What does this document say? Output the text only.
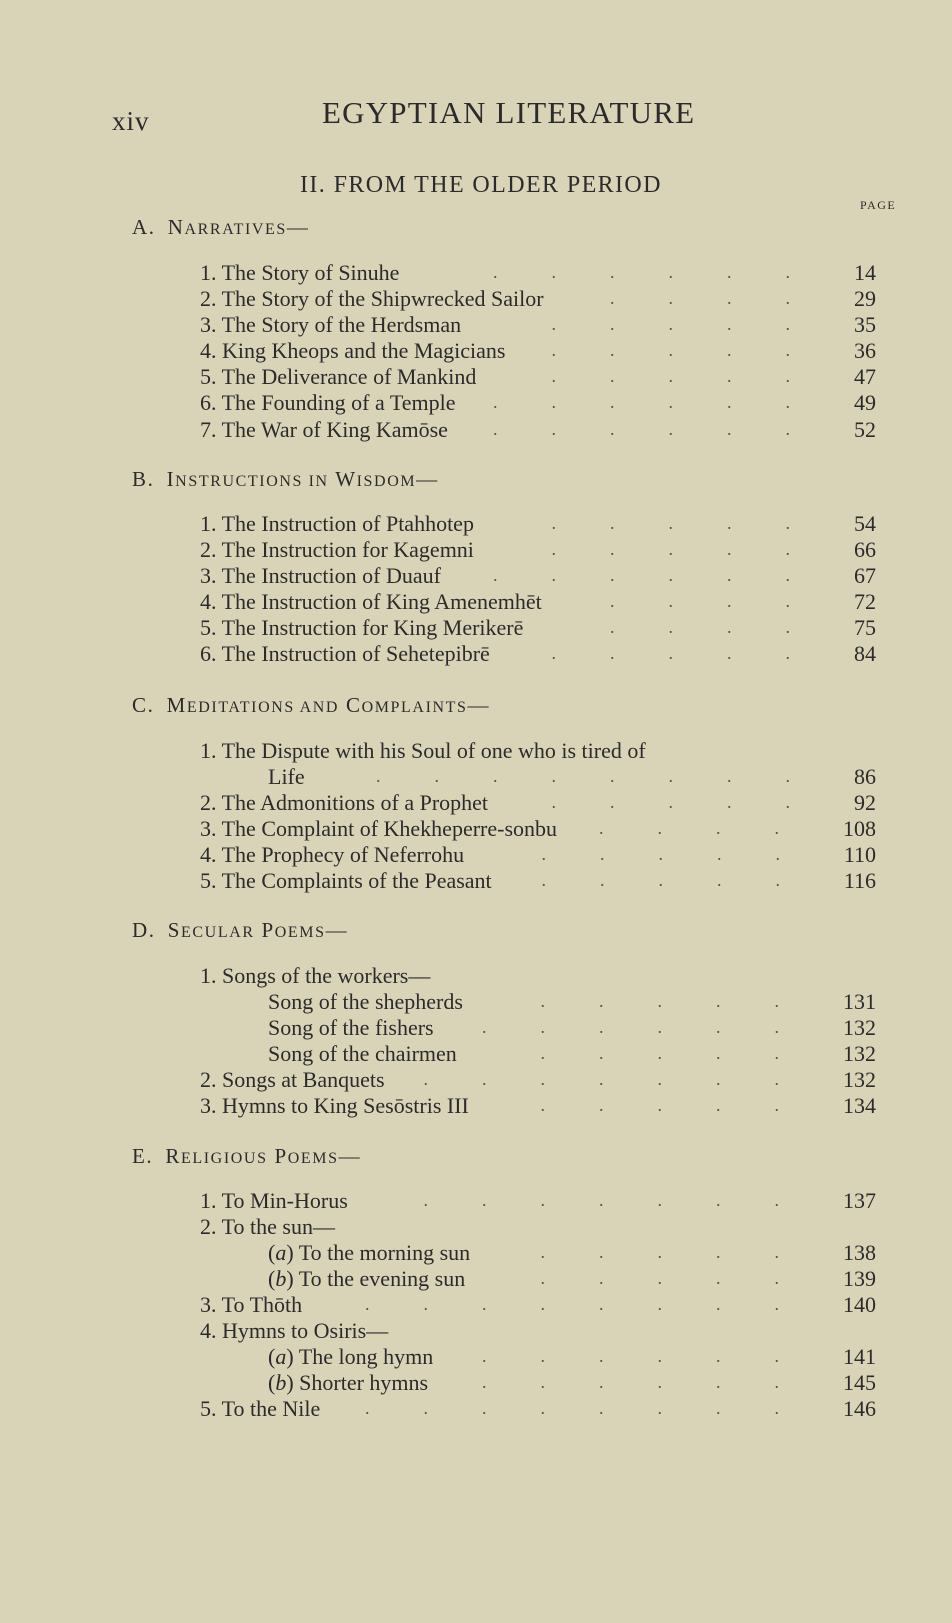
xiv	EGYPTIAN LITERATURE
II. FROM THE OLDER PERIOD
PAGE
A.  NARRATIVES—
1. The Story of Sinuhe	14
.   .   .   .   .   .   
2. The Story of the Shipwrecked Sailor	29
.   .   .   .   
3. The Story of the Herdsman	35
.   .   .   .   .   
4. King Kheops and the Magicians	36
.   .   .   .   .   
5. The Deliverance of Mankind	47
.   .   .   .   .   
6. The Founding of a Temple	49
.   .   .   .   .   .   
7. The War of King Kamōse	52
.   .   .   .   .   .   
B.  INSTRUCTIONS IN WISDOM—
1. The Instruction of Ptahhotep	54
.   .   .   .   .   
2. The Instruction for Kagemni	66
.   .   .   .   .   
3. The Instruction of Duauf	67
.   .   .   .   .   .   
4. The Instruction of King Amenemhēt	72
.   .   .   .   
5. The Instruction for King Merikerē	75
.   .   .   .   
6. The Instruction of Sehetepibrē	84
.   .   .   .   .   
C.  MEDITATIONS AND COMPLAINTS—
1. The Dispute with his Soul of one who is tired of
Life	86
.   .   .   .   .   .   .   .   
2. The Admonitions of a Prophet	92
.   .   .   .   .   
3. The Complaint of Khekheperre-sonbu	108
.   .   .   .   
4. The Prophecy of Neferrohu	110
.   .   .   .   .   
5. The Complaints of the Peasant	116
.   .   .   .   .   
D.  SECULAR POEMS—
1. Songs of the workers—
Song of the shepherds	131
.   .   .   .   .   
Song of the fishers	132
.   .   .   .   .   .   
Song of the chairmen	132
.   .   .   .   .   
2. Songs at Banquets	132
.   .   .   .   .   .   .   
3. Hymns to King Sesōstris III	134
.   .   .   .   .   
E.  RELIGIOUS POEMS—
1. To Min-Horus	137
.   .   .   .   .   .   .   
2. To the sun—
(a) To the morning sun	138
.   .   .   .   .   
(b) To the evening sun	139
.   .   .   .   .   
3. To Thōth	140
.   .   .   .   .   .   .   .   
4. Hymns to Osiris—
(a) The long hymn	141
.   .   .   .   .   .   
(b) Shorter hymns	145
.   .   .   .   .   .   
5. To the Nile	146
.   .   .   .   .   .   .   .   
